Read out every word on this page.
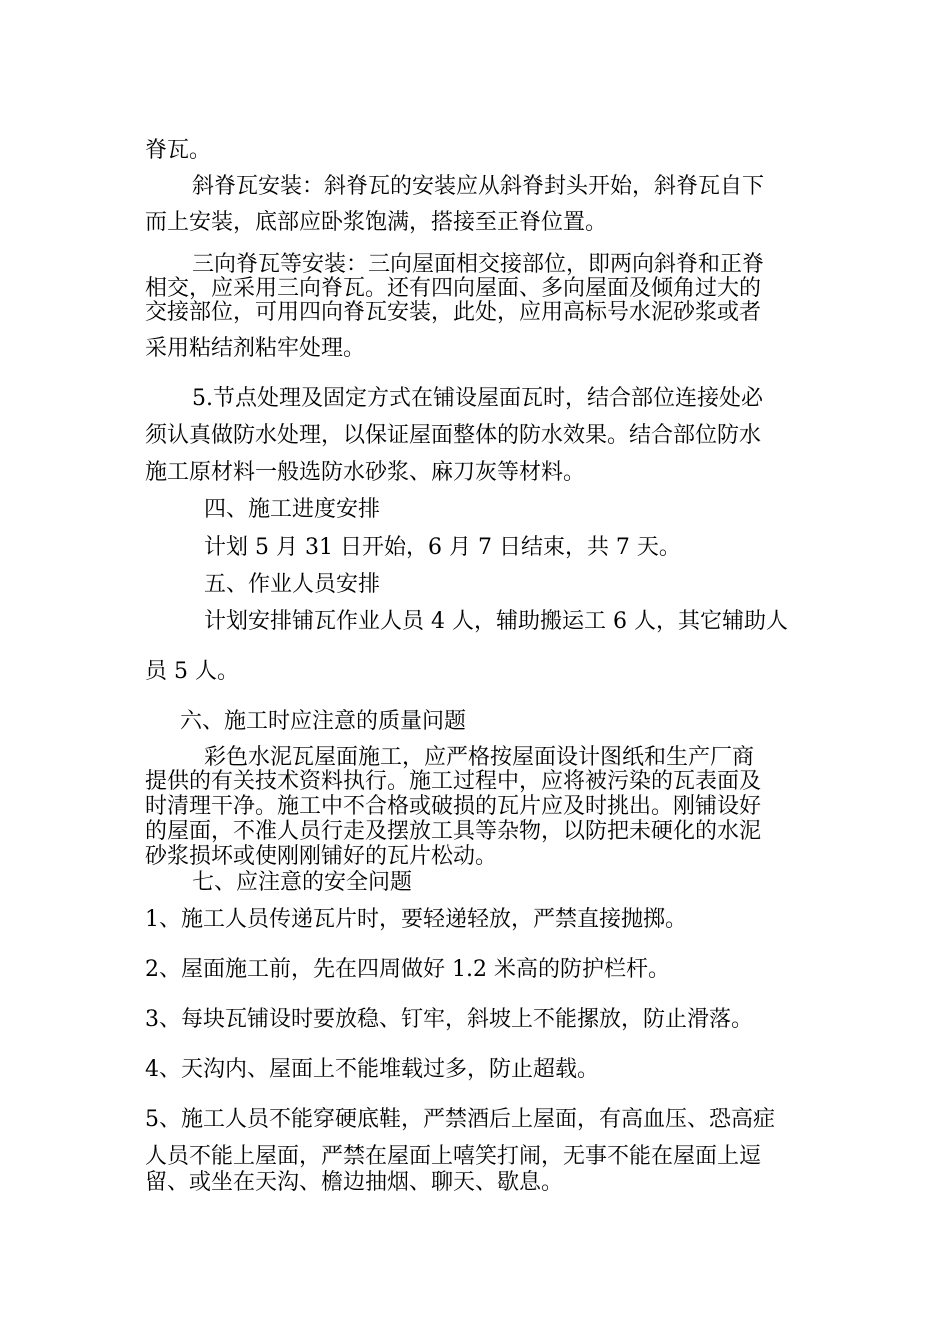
脊瓦。
斜脊瓦安装：斜脊瓦的安装应从斜脊封头开始，斜脊瓦自下
而上安装，底部应卧浆饱满，搭接至正脊位置。
三向脊瓦等安装：三向屋面相交接部位，即两向斜脊和正脊
相交，应采用三向脊瓦。还有四向屋面、多向屋面及倾角过大的
交接部位，可用四向脊瓦安装，此处，应用高标号水泥砂浆或者
采用粘结剂粘牢处理。
5.节点处理及固定方式在铺设屋面瓦时，结合部位连接处必
须认真做防水处理，以保证屋面整体的防水效果。结合部位防水
施工原材料一般选防水砂浆、麻刀灰等材料。
四、施工进度安排
计划 5 月 31 日开始，6 月 7 日结束，共 7 天。
五、作业人员安排
计划安排铺瓦作业人员 4 人，辅助搬运工 6 人，其它辅助人
员 5 人。
六、施工时应注意的质量问题
彩色水泥瓦屋面施工，应严格按屋面设计图纸和生产厂商
提供的有关技术资料执行。施工过程中，应将被污染的瓦表面及
时清理干净。施工中不合格或破损的瓦片应及时挑出。刚铺设好
的屋面，不准人员行走及摆放工具等杂物，以防把未硬化的水泥
砂浆损坏或使刚刚铺好的瓦片松动。
七、应注意的安全问题
1、施工人员传递瓦片时，要轻递轻放，严禁直接抛掷。
2、屋面施工前，先在四周做好 1.2 米高的防护栏杆。
3、每块瓦铺设时要放稳、钉牢，斜坡上不能摞放，防止滑落。
4、天沟内、屋面上不能堆载过多，防止超载。
5、施工人员不能穿硬底鞋，严禁酒后上屋面，有高血压、恐高症
人员不能上屋面，严禁在屋面上嘻笑打闹，无事不能在屋面上逗
留、或坐在天沟、檐边抽烟、聊天、歇息。
